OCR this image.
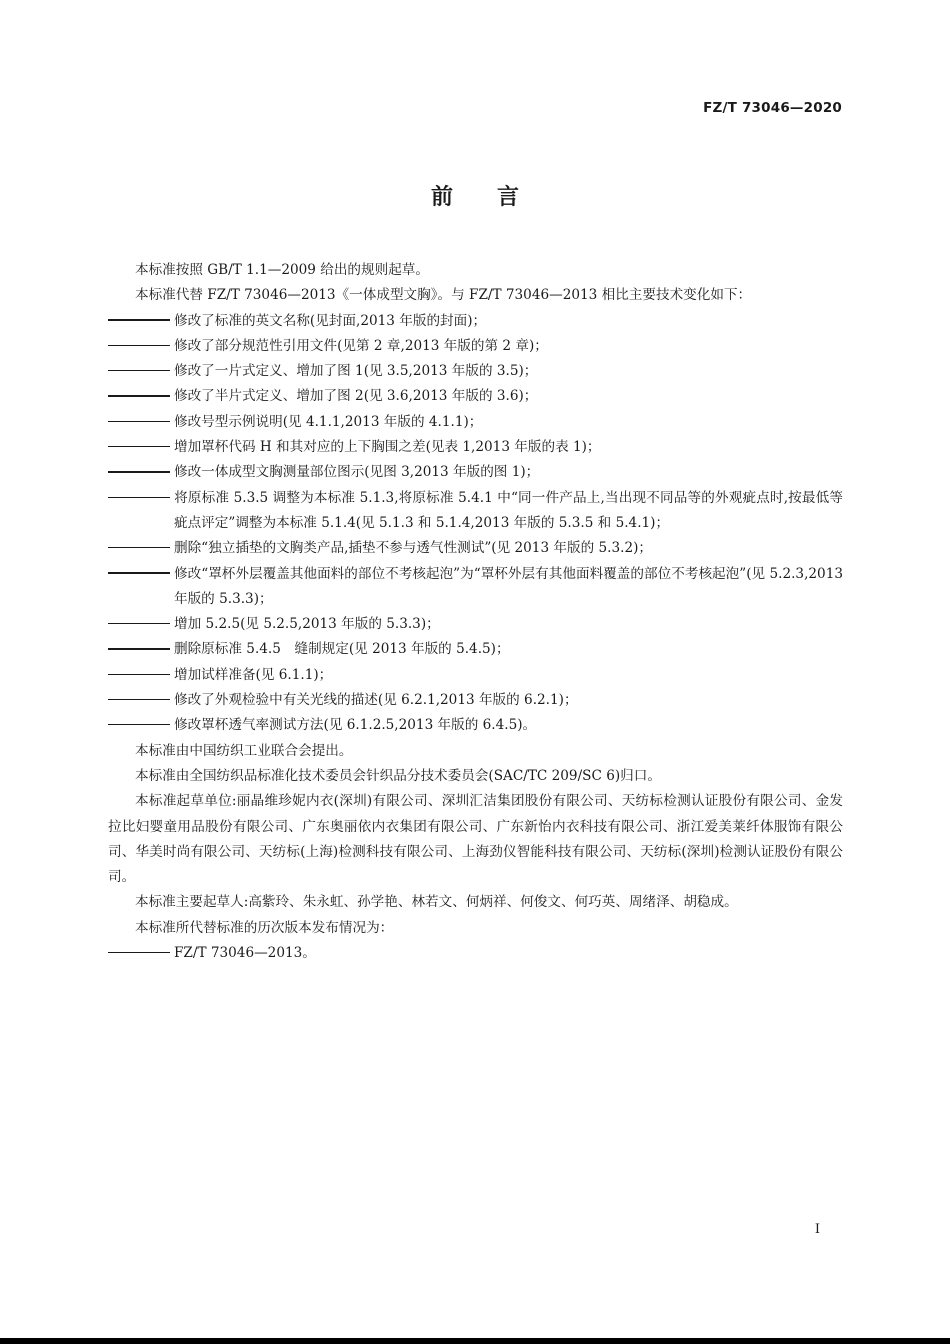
FZ/T 73046—2020
前 言

本标准按照 GB/T 1.1—2009 给出的规则起草。

本标准代替 FZ/T 73046—2013《一体成型文胸》。与 FZ/T 73046—2013 相比主要技术变化如下：

修改了标准的英文名称(见封面,2013 年版的封面)；

修改了部分规范性引用文件(见第 2 章,2013 年版的第 2 章)；

修改了一片式定义、增加了图 1(见 3.5,2013 年版的 3.5)；

修改了半片式定义、增加了图 2(见 3.6,2013 年版的 3.6)；

修改号型示例说明(见 4.1.1,2013 年版的 4.1.1)；

增加罩杯代码 H 和其对应的上下胸围之差(见表 1,2013 年版的表 1)；

修改一体成型文胸测量部位图示(见图 3,2013 年版的图 1)；

将原标准 5.3.5 调整为本标准 5.1.3,将原标准 5.4.1 中“同一件产品上,当出现不同品等的外观疵点时,按最低等疵点评定”调整为本标准 5.1.4(见 5.1.3 和 5.1.4,2013 年版的 5.3.5 和 5.4.1)；

删除“独立插垫的文胸类产品,插垫不参与透气性测试”(见 2013 年版的 5.3.2)；

修改“罩杯外层覆盖其他面料的部位不考核起泡”为“罩杯外层有其他面料覆盖的部位不考核起泡”(见 5.2.3,2013 年版的 5.3.3)；

增加 5.2.5(见 5.2.5,2013 年版的 5.3.3)；

删除原标准 5.4.5　缝制规定(见 2013 年版的 5.4.5)；

增加试样准备(见 6.1.1)；

修改了外观检验中有关光线的描述(见 6.2.1,2013 年版的 6.2.1)；

修改罩杯透气率测试方法(见 6.1.2.5,2013 年版的 6.4.5)。

本标准由中国纺织工业联合会提出。

本标准由全国纺织品标准化技术委员会针织品分技术委员会(SAC/TC 209/SC 6)归口。

本标准起草单位:丽晶维珍妮内衣(深圳)有限公司、深圳汇洁集团股份有限公司、天纺标检测认证股份有限公司、金发拉比妇婴童用品股份有限公司、广东奥丽依内衣集团有限公司、广东新怡内衣科技有限公司、浙江爱美莱纤体服饰有限公司、华美时尚有限公司、天纺标(上海)检测科技有限公司、上海劲仪智能科技有限公司、天纺标(深圳)检测认证股份有限公司。

本标准主要起草人:高紫玲、朱永虹、孙学艳、林若文、何炳祥、何俊文、何巧英、周绪泽、胡稳成。

本标准所代替标准的历次版本发布情况为：

FZ/T 73046—2013。

I
